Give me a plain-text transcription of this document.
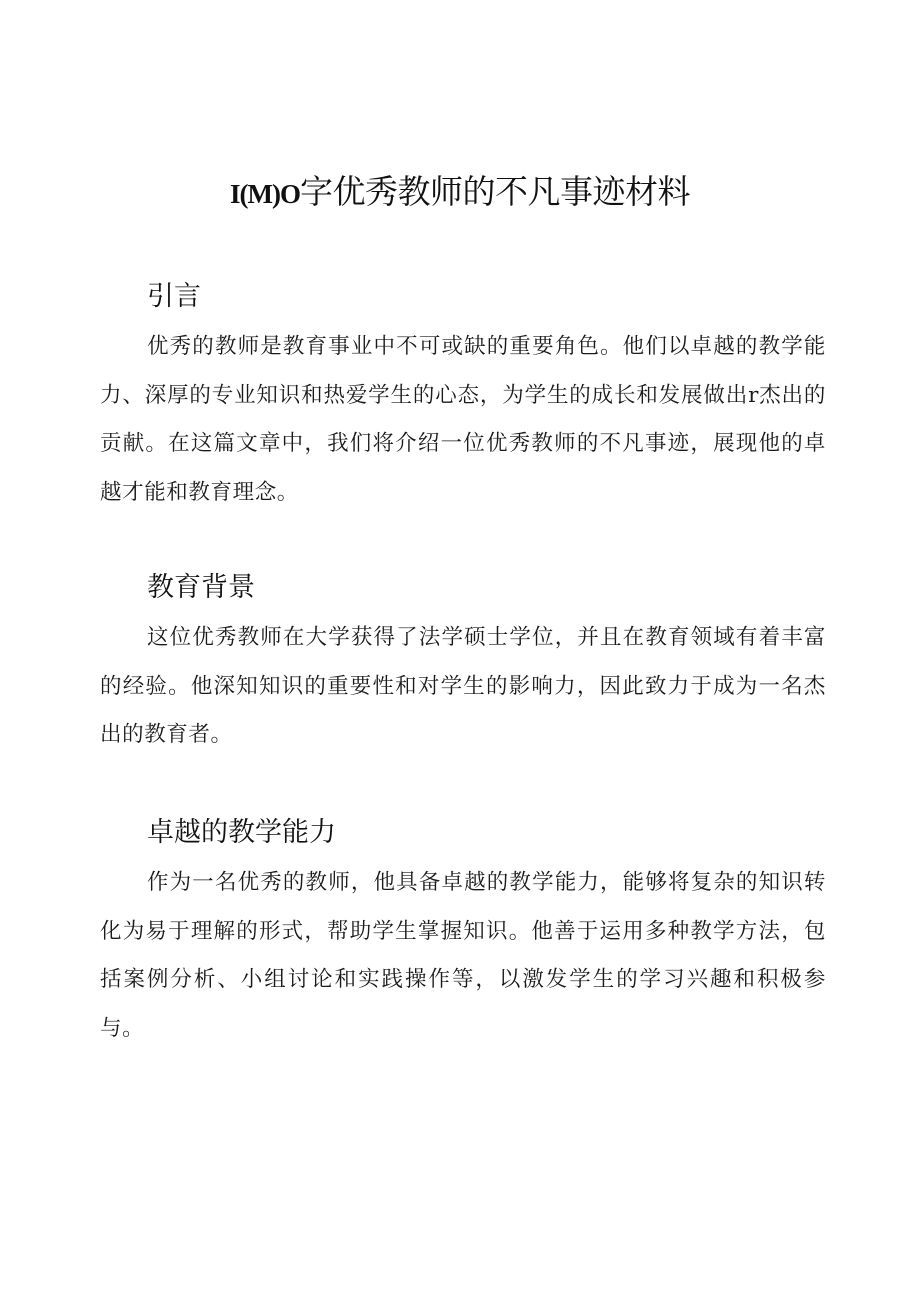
I(M)O字优秀教师的不凡事迹材料
引言

优秀的教师是教育事业中不可或缺的重要角色。他们以卓越的教学能力、深厚的专业知识和热爱学生的心态，为学生的成长和发展做出r杰出的贡献。在这篇文章中，我们将介绍一位优秀教师的不凡事迹，展现他的卓越才能和教育理念。

教育背景

这位优秀教师在大学获得了法学硕士学位，并且在教育领域有着丰富的经验。他深知知识的重要性和对学生的影响力，因此致力于成为一名杰出的教育者。

卓越的教学能力

作为一名优秀的教师，他具备卓越的教学能力，能够将复杂的知识转化为易于理解的形式，帮助学生掌握知识。他善于运用多种教学方法，包括案例分析、小组讨论和实践操作等，以激发学生的学习兴趣和积极参与。
